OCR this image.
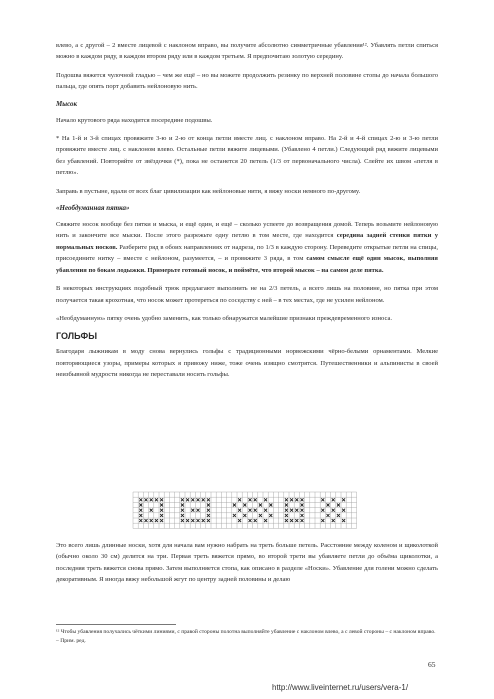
влево, а с другой – 2 вместе лицевой с наклоном вправо, вы получите абсолютно симметричные убавления¹². Убавлять петли спиться можно в каждом ряду, в каждом втором ряду или в каждом третьем. Я предпочитаю золотую середину.

Подошва вяжется чулочной гладью – чем же ещё – но вы можете продолжить резинку по верхней половине стопы до начала большого пальца, где опять порт добавить нейлоновую нить.

Мысок

Начало крутового ряда находится посередине подошвы.

* На 1-й и 3-й спицах провяжите 3-ю и 2-ю от конца петли вместе лиц. с наклоном вправо. На 2-й и 4-й спицах 2-ю и 3-ю петли провяжите вместе лиц. с наклоном влево. Остальные петли вяжите лицевыми. (Убавлено 4 петли.) Следующий ряд вяжите лицевыми без убавлений. Повторяйте от звёздочки (*), пока не останется 20 петель (1/3 от первоначального числа). Слейте их швом «петля в петлю».

Заправь в пустыне, вдали от всех благ цивилизации как нейлоновые нити, я вяжу носки немного по-другому.

«Необдуманная пятка»

Свяжите носок вообще без пятки и мыска, и ещё один, и ещё – сколько успеете до возвращения домой. Теперь возьмите нейлоновую нить и закончите все мыски. После этого разрежьте одну петлю в том месте, где находится середина задней стенки пятки у нормальных носков. Разберите ряд в обоих направлениях от надреза, по 1/3 в каждую сторону. Переведите открытые петли на спицы, присоедините нитку – вместе с нейлоном, разумеется, – и провяжите 3 ряда, в том самом смысле ещё один мысок, выполняя убавления по бокам лодыжки. Примерьте готовый носок, и поймёте, что второй мысок – на самом деле пятка.

В некоторых инструкциях подобный трюк предлагают выполнить не на 2/3 петель, а всего лишь на половине, но пятка при этом получается такая крохотная, что носок может протереться по соседству с ней – в тех местах, где не усилен нейлоном.

«Необдуманную» пятку очень удобно заменить, как только обнаружатся малейшие признаки преждевременного износа.

ГОЛЬФЫ

Благодаря лыжникам в моду снова вернулись гольфы с традиционными норвежскими чёрно-белыми орнаментами. Мелкие повторяющиеся узоры, примеры которых я привожу ниже, тоже очень изящно смотрятся. Путешественники и альпинисты в своей неизбывной мудрости никогда не переставали носить гольфы.

Это всего лишь длинные носки, хотя для начала вам нужно набрать на треть больше петель. Расстояние между коленом и щиколоткой (обычно около 30 см) делится на три. Первая треть вяжется прямо, во второй трети вы убавляете петли до объёма щиколотки, а последняя треть вяжется снова прямо. Затем выполняется стопа, как описано в разделе «Носки». Убавление для голени можно сделать декоративным. Я иногда вяжу небольшой жгут по центру задней половины и делаю

¹² Чтобы убавления получались чёткими линиями, с правой стороны полотна выполняйте убавление с наклоном влево, а с левой стороны – с наклоном вправо. – Прим. ред.
65
http://www.liveinternet.ru/users/vera-1/
